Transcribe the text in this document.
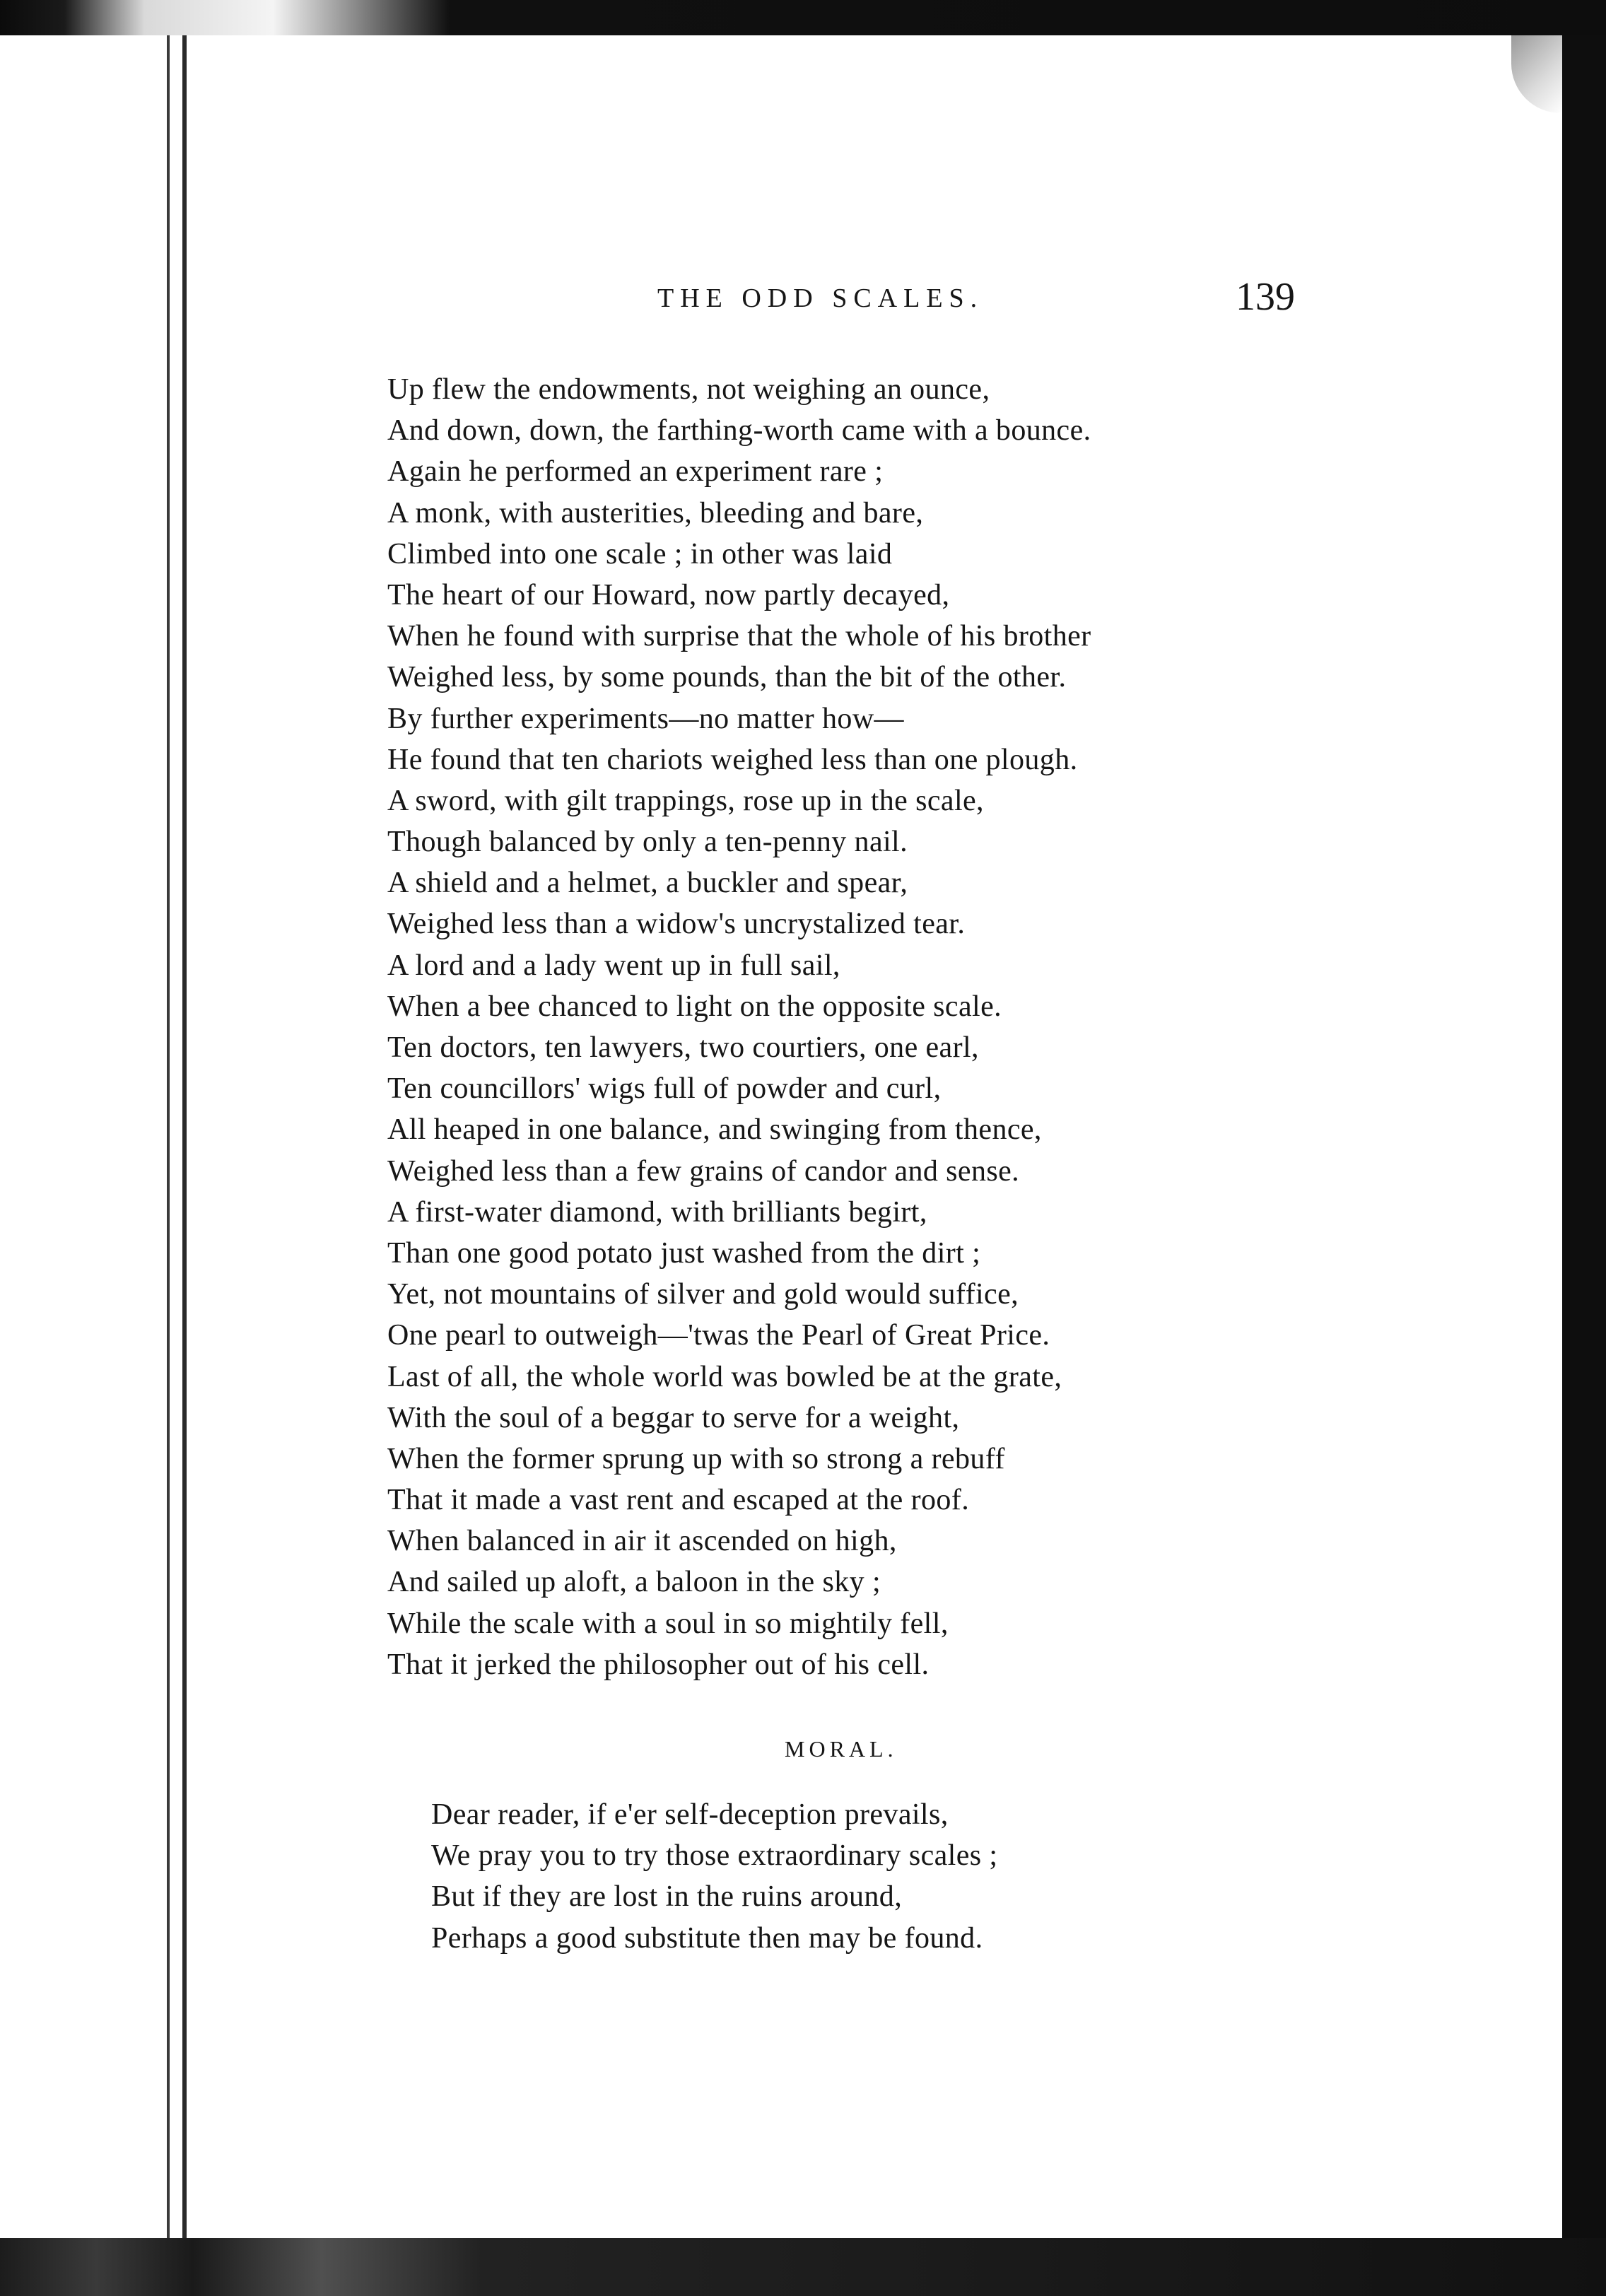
THE ODD SCALES.	139
Up flew the endowments, not weighing an ounce,
And down, down, the farthing-worth came with a bounce.
Again he performed an experiment rare ;
A monk, with austerities, bleeding and bare,
Climbed into one scale ; in other was laid
The heart of our Howard, now partly decayed,
When he found with surprise that the whole of his brother
Weighed less, by some pounds, than the bit of the other.
By further experiments—no matter how—
He found that ten chariots weighed less than one plough.
A sword, with gilt trappings, rose up in the scale,
Though balanced by only a ten-penny nail.
A shield and a helmet, a buckler and spear,
Weighed less than a widow's uncrystalized tear.
A lord and a lady went up in full sail,
When a bee chanced to light on the opposite scale.
Ten doctors, ten lawyers, two courtiers, one earl,
Ten councillors' wigs full of powder and curl,
All heaped in one balance, and swinging from thence,
Weighed less than a few grains of candor and sense.
A first-water diamond, with brilliants begirt,
Than one good potato just washed from the dirt ;
Yet, not mountains of silver and gold would suffice,
One pearl to outweigh—'twas the Pearl of Great Price.
Last of all, the whole world was bowled be at the grate,
With the soul of a beggar to serve for a weight,
When the former sprung up with so strong a rebuff
That it made a vast rent and escaped at the roof.
When balanced in air it ascended on high,
And sailed up aloft, a baloon in the sky ;
While the scale with a soul in so mightily fell,
That it jerked the philosopher out of his cell.
MORAL.
Dear reader, if e'er self-deception prevails,
We pray you to try those extraordinary scales ;
But if they are lost in the ruins around,
Perhaps a good substitute then may be found.
